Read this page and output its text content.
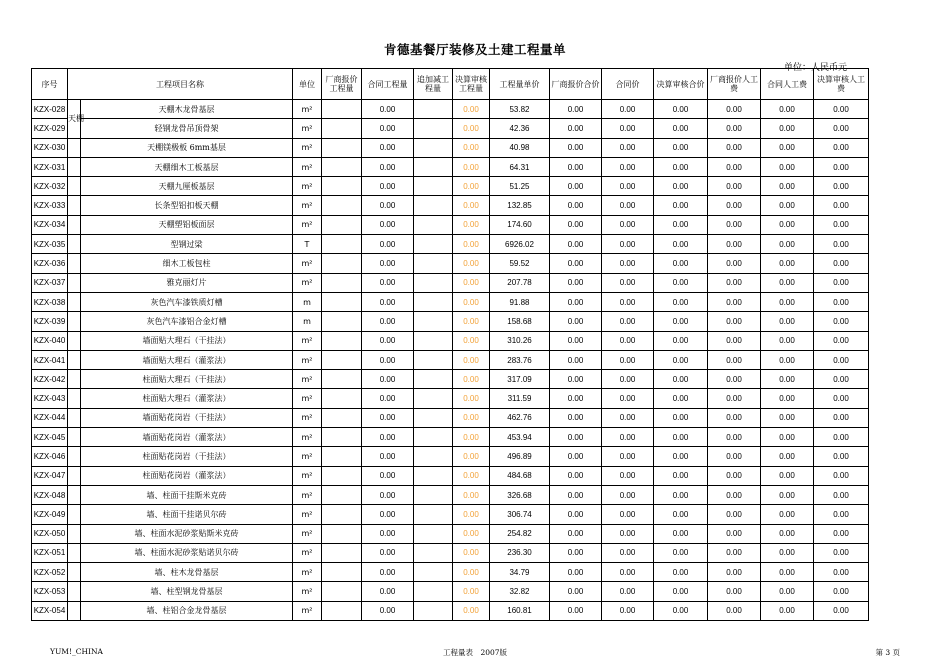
肯德基餐厅装修及土建工程量单
单位：人民币元
序号	工程项目名称		单位	厂商报价工程量	合同工程量	追加减工程量	决算审核工程量	工程量单价	厂商报价合价	合同价	决算审核合价	厂商报价人工费	合同人工费	决算审核人工费
KZX-028	天棚	天棚木龙骨基层	m²		0.00		0.00	53.82	0.00	0.00	0.00	0.00	0.00	0.00
KZX-029		轻钢龙骨吊顶骨架	m²		0.00		0.00	42.36	0.00	0.00	0.00	0.00	0.00	0.00
KZX-030		天棚镁极板 6mm基层	m²		0.00		0.00	40.98	0.00	0.00	0.00	0.00	0.00	0.00
KZX-031		天棚细木工板基层	m²		0.00		0.00	64.31	0.00	0.00	0.00	0.00	0.00	0.00
KZX-032		天棚九厘板基层	m²		0.00		0.00	51.25	0.00	0.00	0.00	0.00	0.00	0.00
KZX-033		长条型铝扣板天棚	m²		0.00		0.00	132.85	0.00	0.00	0.00	0.00	0.00	0.00
KZX-034		天棚塑铝板面层	m²		0.00		0.00	174.60	0.00	0.00	0.00	0.00	0.00	0.00
KZX-035		型钢过梁	T		0.00		0.00	6926.02	0.00	0.00	0.00	0.00	0.00	0.00
KZX-036		细木工板包柱	m²		0.00		0.00	59.52	0.00	0.00	0.00	0.00	0.00	0.00
KZX-037		雅克丽灯片	m²		0.00		0.00	207.78	0.00	0.00	0.00	0.00	0.00	0.00
KZX-038		灰色汽车漆铁质灯槽	m		0.00		0.00	91.88	0.00	0.00	0.00	0.00	0.00	0.00
KZX-039		灰色汽车漆铝合金灯槽	m		0.00		0.00	158.68	0.00	0.00	0.00	0.00	0.00	0.00
KZX-040		墙面贴大理石（干挂法）	m²		0.00		0.00	310.26	0.00	0.00	0.00	0.00	0.00	0.00
KZX-041		墙面贴大理石（灌浆法）	m²		0.00		0.00	283.76	0.00	0.00	0.00	0.00	0.00	0.00
KZX-042		柱面贴大理石（干挂法）	m²		0.00		0.00	317.09	0.00	0.00	0.00	0.00	0.00	0.00
KZX-043		柱面贴大理石（灌浆法）	m²		0.00		0.00	311.59	0.00	0.00	0.00	0.00	0.00	0.00
KZX-044		墙面贴花岗岩（干挂法）	m²		0.00		0.00	462.76	0.00	0.00	0.00	0.00	0.00	0.00
KZX-045		墙面贴花岗岩（灌浆法）	m²		0.00		0.00	453.94	0.00	0.00	0.00	0.00	0.00	0.00
KZX-046		柱面贴花岗岩（干挂法）	m²		0.00		0.00	496.89	0.00	0.00	0.00	0.00	0.00	0.00
KZX-047		柱面贴花岗岩（灌浆法）	m²		0.00		0.00	484.68	0.00	0.00	0.00	0.00	0.00	0.00
KZX-048		墙、柱面干挂斯米克砖	m²		0.00		0.00	326.68	0.00	0.00	0.00	0.00	0.00	0.00
KZX-049		墙、柱面干挂诺贝尔砖	m²		0.00		0.00	306.74	0.00	0.00	0.00	0.00	0.00	0.00
KZX-050		墙、柱面水泥砂浆贴斯米克砖	m²		0.00		0.00	254.82	0.00	0.00	0.00	0.00	0.00	0.00
KZX-051		墙、柱面水泥砂浆贴诺贝尔砖	m²		0.00		0.00	236.30	0.00	0.00	0.00	0.00	0.00	0.00
KZX-052		墙、柱木龙骨基层	m²		0.00		0.00	34.79	0.00	0.00	0.00	0.00	0.00	0.00
KZX-053		墙、柱型钢龙骨基层	m²		0.00		0.00	32.82	0.00	0.00	0.00	0.00	0.00	0.00
KZX-054		墙、柱铝合金龙骨基层	m²		0.00		0.00	160.81	0.00	0.00	0.00	0.00	0.00	0.00
YUM!_CHINA	工程量表　2007版	第 3 页
